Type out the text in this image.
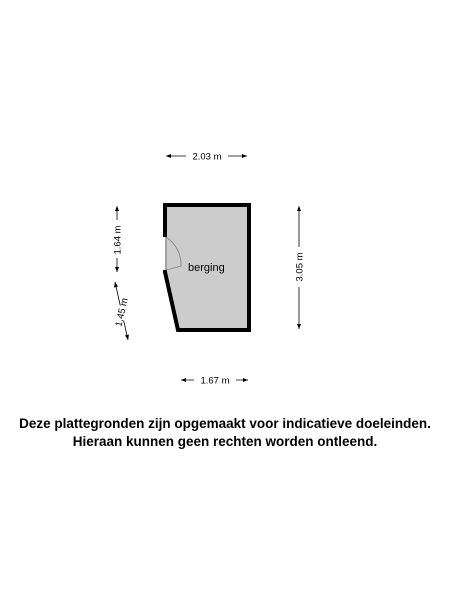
berging
2.03 m
1.67 m
1.64 m
1,45 m
3.05 m
Deze plattegronden zijn opgemaakt voor indicatieve doeleinden.
Hieraan kunnen geen rechten worden ontleend.
